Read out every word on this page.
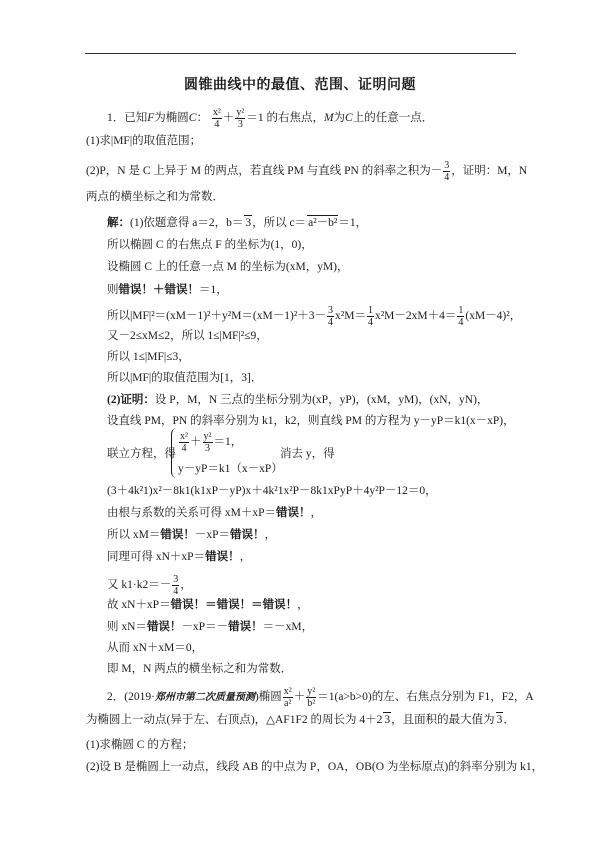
圆锥曲线中的最值、范围、证明问题
1．已知F为椭圆C： $\frac{\text{x²}}{4} + \frac{\text{y²}}{3} =1$ 的右焦点，M为C上的任意一点．
(1)求|MF|的取值范围；
(2)P，N 是 C 上异于 M 的两点，若直线 PM 与直线 PN 的斜率之积为－ $\frac{3}{4}$ ，证明：M，N
两点的横坐标之和为常数．
解：(1)依题意得 a＝2，b＝ 3，所以 c＝ a²－b²＝1，
所以椭圆 C 的右焦点 F 的坐标为(1，0)，
设椭圆 C 上的任意一点 M 的坐标为(xM，yM)，
则错误！＋错误！＝1，
所以$|MF|^2=(xM-1)^2+y^2M=(xM-1)^2+3- \frac{3}{4} x^2M= \frac{1}{4} x^2M-2xM+4= \frac{1}{4} (xM-4)^2$，
又－2≤xM≤2，所以 1≤|MF|²≤9，
所以 1≤|MF|≤3，
所以|MF|的取值范围为[1，3]．
(2)证明：设 P，M，N 三点的坐标分别为(xP，yP)，(xM，yM)，(xN，yN)，
设直线 PM，PN 的斜率分别为 k1，k2，则直线 PM 的方程为 y－yP＝k1(x－xP)，
联立方程，得 $\frac{\text{x²}}{4} + \frac{\text{y²}}{3} =1$，
y－yP＝k1（x－xP）
消去 y，得
(3＋4k²1)x²－8k1(k1xP－yP)x＋4k²1x²P－8k1xPyP＋4y²P－12＝0，
由根与系数的关系可得 xM＋xP＝错误！，
所以 xM＝错误！－xP＝错误！，
同理可得 xN＋xP＝错误！，
又 $k1\cdot k2=- \frac{3}{4}$ ，
故 xN＋xP＝错误！＝错误！＝错误！，
则 xN＝错误！－xP＝－错误！＝－xM，
从而 xN＋xM＝0，
即 M，N 两点的横坐标之和为常数．
2．(2019·郑州市第二次质量预测)椭圆 $\frac{\text{x²}}{\text{a²}} + \frac{\text{y²}}{\text{b²}} =1(a>b>0)$的左、右焦点分别为 F1，F2，A
为椭圆上一动点(异于左、右顶点)，△AF1F2 的周长为 4＋2 3，且面积的最大值为 3．
(1)求椭圆 C 的方程；
(2)设 B 是椭圆上一动点，线段 AB 的中点为 P，OA，OB(O 为坐标原点)的斜率分别为 k1，
